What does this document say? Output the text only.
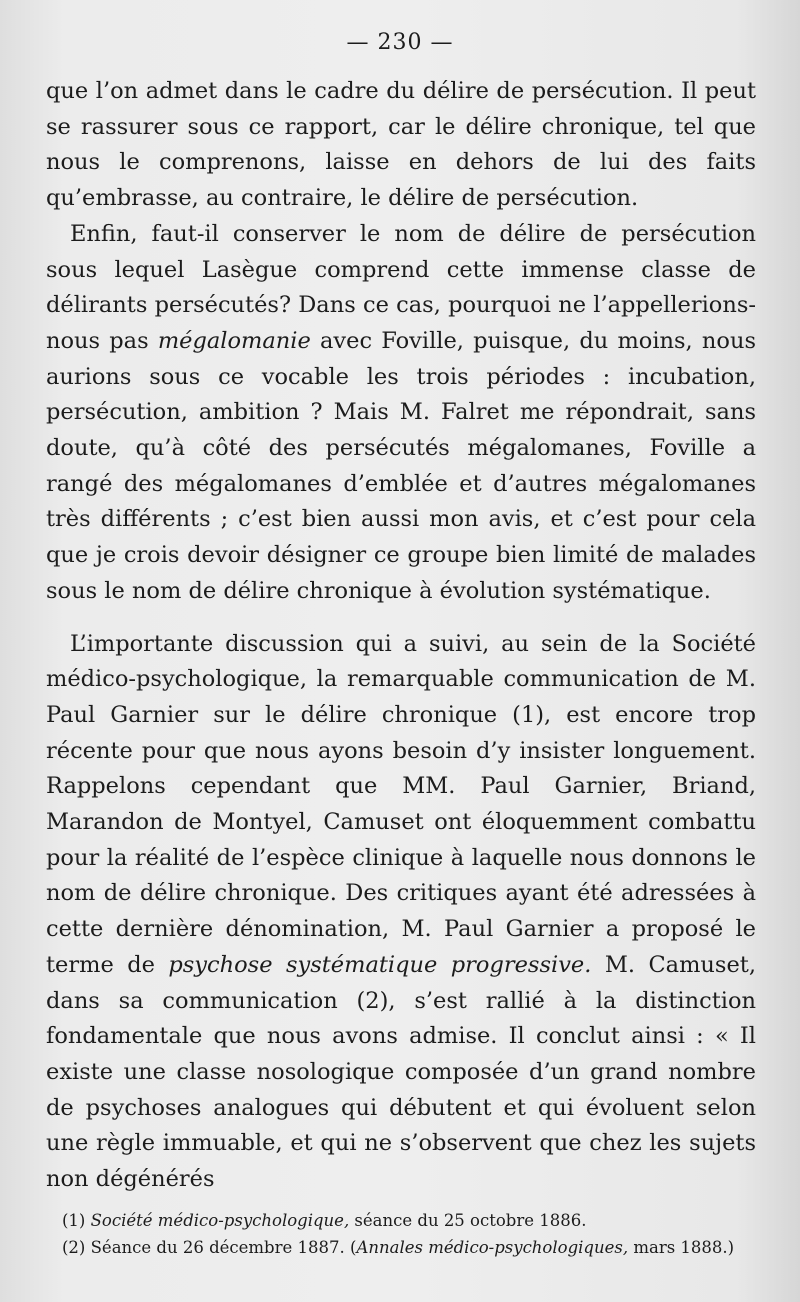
— 230 —

que l’on admet dans le cadre du délire de persécution. Il peut se rassurer sous ce rapport, car le délire chronique, tel que nous le comprenons, laisse en dehors de lui des faits qu’embrasse, au contraire, le délire de persécution.

Enfin, faut-il conserver le nom de délire de persécution sous lequel Lasègue comprend cette immense classe de délirants persécutés? Dans ce cas, pourquoi ne l’appellerions-nous pas mégalomanie avec Foville, puisque, du moins, nous aurions sous ce vocable les trois périodes : incubation, persécution, ambition ? Mais M. Falret me répondrait, sans doute, qu’à côté des persécutés mégalomanes, Foville a rangé des mégalomanes d’emblée et d’autres mégalomanes très différents ; c’est bien aussi mon avis, et c’est pour cela que je crois devoir désigner ce groupe bien limité de malades sous le nom de délire chronique à évolution systématique.

L’importante discussion qui a suivi, au sein de la Société médico-psychologique, la remarquable communication de M. Paul Garnier sur le délire chronique (1), est encore trop récente pour que nous ayons besoin d’y insister longuement. Rappelons cependant que MM. Paul Garnier, Briand, Marandon de Montyel, Camuset ont éloquemment combattu pour la réalité de l’espèce clinique à laquelle nous donnons le nom de délire chronique. Des critiques ayant été adressées à cette dernière dénomination, M. Paul Garnier a proposé le terme de psychose systématique progressive. M. Camuset, dans sa communication (2), s’est rallié à la distinction fondamentale que nous avons admise. Il conclut ainsi : « Il existe une classe nosologique composée d’un grand nombre de psychoses analogues qui débutent et qui évoluent selon une règle immuable, et qui ne s’observent que chez les sujets non dégénérés

(1) Société médico-psychologique, séance du 25 octobre 1886.

(2) Séance du 26 décembre 1887. (Annales médico-psychologiques, mars 1888.)
